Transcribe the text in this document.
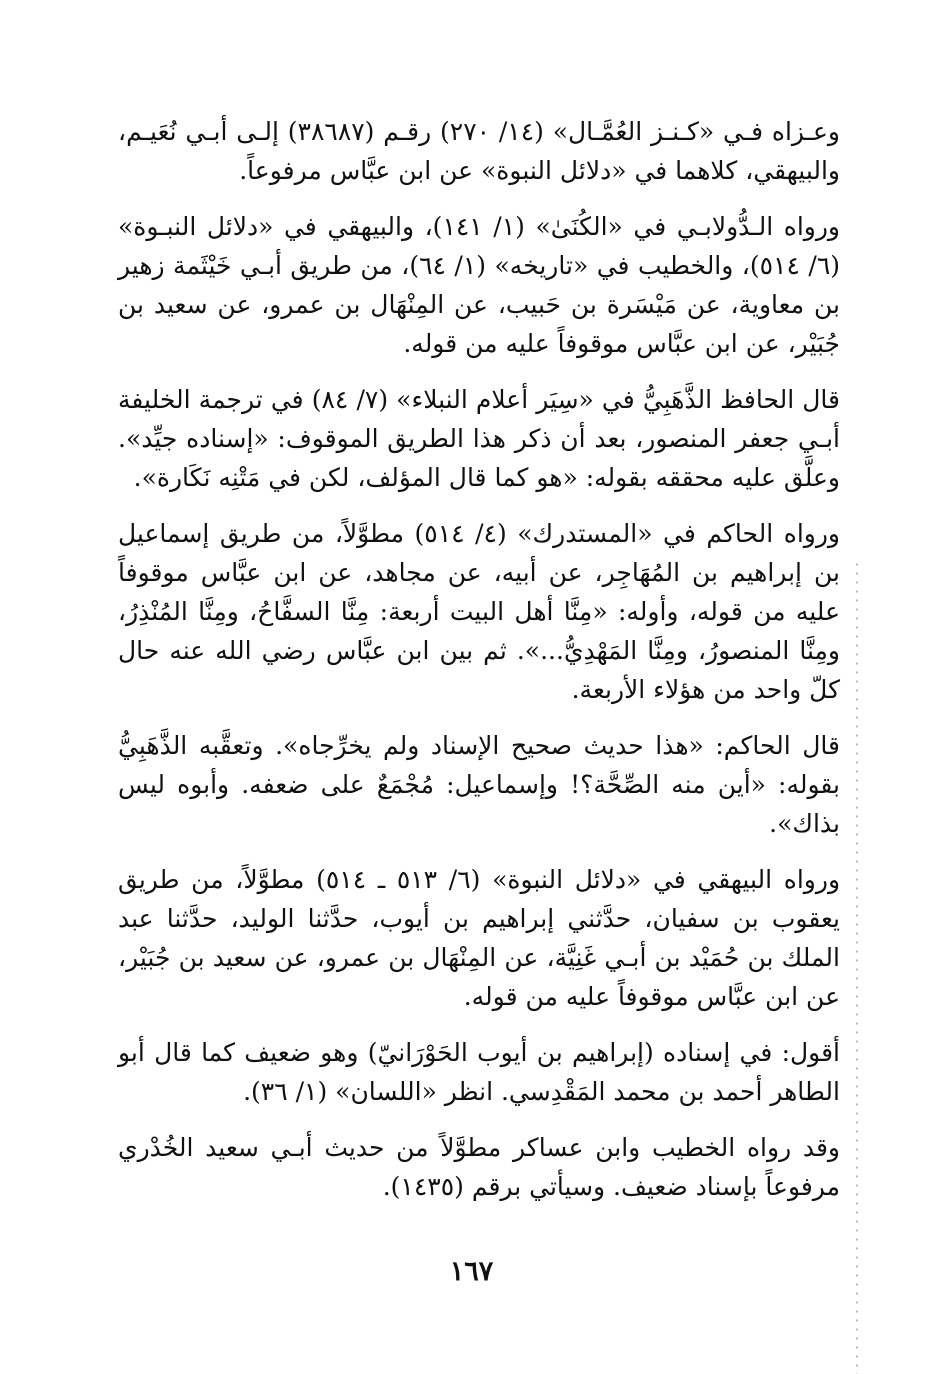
وعـزاه فـي «كـنـز العُمَّـال» (١٤/ ٢٧٠) رقـم (٣٨٦٨٧) إلـى أبـي نُعَيـم، والبيهقي، كلاهما في «دلائل النبوة» عن ابن عبَّاس مرفوعاً.

ورواه الـدُّولابـي في «الكُنَىٰ» (١/ ١٤١)، والبيهقي في «دلائل النبـوة» (٦/ ٥١٤)، والخطيب في «تاريخه» (١/ ٦٤)، من طريق أبـي خَيْثَمة زهير بن معاوية، عن مَيْسَرة بن حَبيب، عن المِنْهَال بن عمرو، عن سعيد بن جُبَيْر، عن ابن عبَّاس موقوفاً عليه من قوله.

قال الحافظ الذَّهَبِيُّ في «سِيَر أعلام النبلاء» (٧/ ٨٤) في ترجمة الخليفة أبـي جعفر المنصور، بعد أن ذكر هذا الطريق الموقوف: «إسناده جيِّد». وعلَّق عليه محققه بقوله: «هو كما قال المؤلف، لكن في مَتْنِه نَكَارة».

ورواه الحاكم في «المستدرك» (٤/ ٥١٤) مطوَّلاً، من طريق إسماعيل بن إبراهيم بن المُهَاجِر، عن أبيه، عن مجاهد، عن ابن عبَّاس موقوفاً عليه من قوله، وأوله: «مِنَّا أهل البيت أربعة: مِنَّا السفَّاحُ، ومِنَّا المُنْذِرُ، ومِنَّا المنصورُ، ومِنَّا المَهْدِيُّ...». ثم بين ابن عبَّاس رضي الله عنه حال كلّ واحد من هؤلاء الأربعة.

قال الحاكم: «هذا حديث صحيح الإسناد ولم يخرِّجاه». وتعقَّبه الذَّهَبِيُّ بقوله: «أين منه الصِّحَّة؟! وإسماعيل: مُجْمَعٌ على ضعفه. وأبوه ليس بذاك».

ورواه البيهقي في «دلائل النبوة» (٦/ ٥١٣ ـ ٥١٤) مطوَّلاً، من طريق يعقوب بن سفيان، حدَّثني إبراهيم بن أيوب، حدَّثنا الوليد، حدَّثنا عبد الملك بن حُمَيْد بن أبـي غَنِيَّة، عن المِنْهَال بن عمرو، عن سعيد بن جُبَيْر، عن ابن عبَّاس موقوفاً عليه من قوله.

أقول: في إسناده (إبراهيم بن أيوب الحَوْرَانيّ) وهو ضعيف كما قال أبو الطاهر أحمد بن محمد المَقْدِسي. انظر «اللسان» (١/ ٣٦).

وقد رواه الخطيب وابن عساكر مطوَّلاً من حديث أبـي سعيد الخُدْري مرفوعاً بإسناد ضعيف. وسيأتي برقم (١٤٣٥).

١٦٧
